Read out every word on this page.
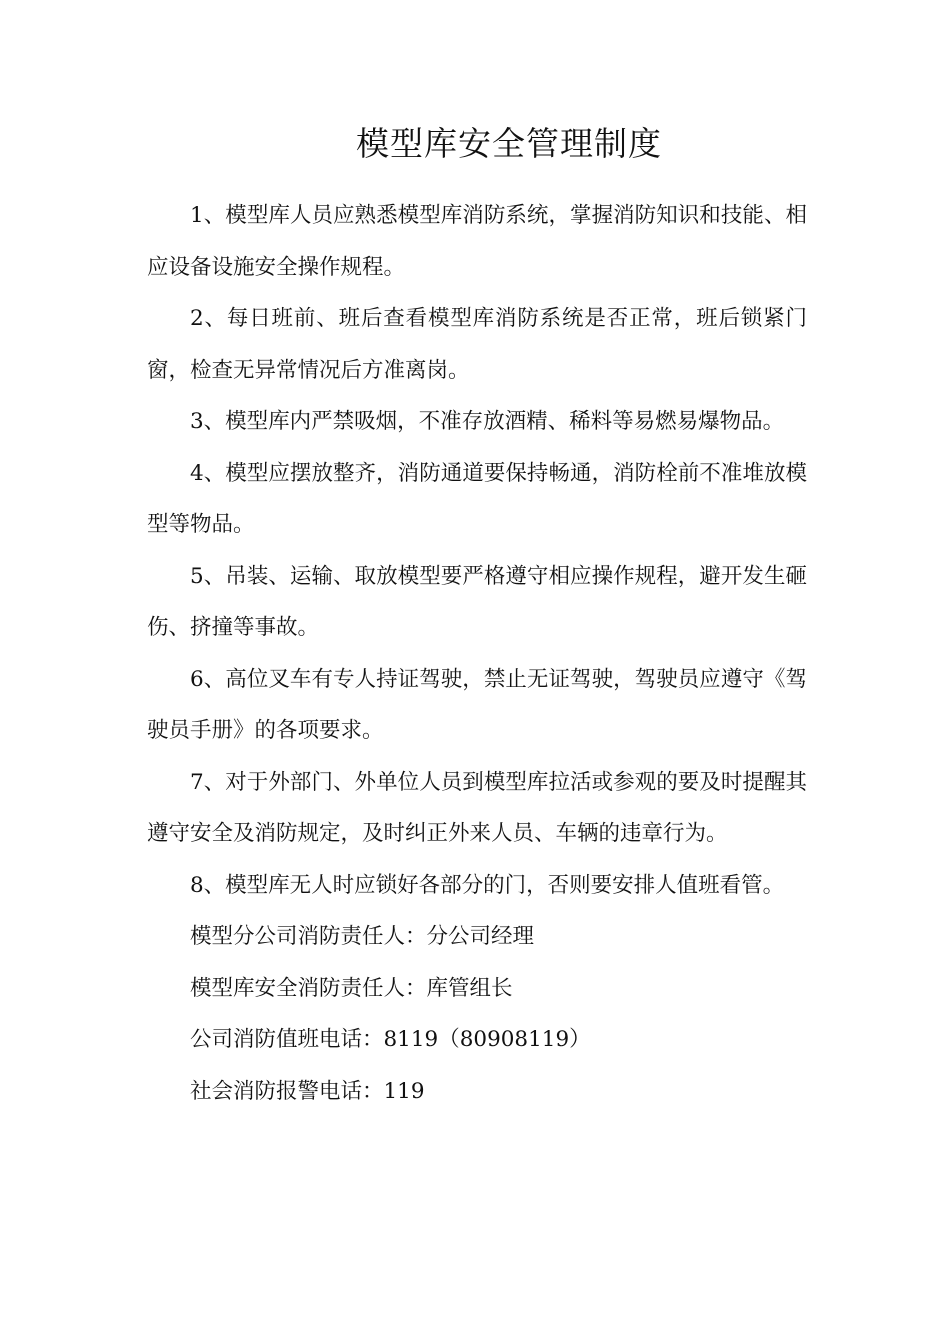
模型库安全管理制度

1、模型库人员应熟悉模型库消防系统，掌握消防知识和技能、相应设备设施安全操作规程。

2、每日班前、班后查看模型库消防系统是否正常，班后锁紧门窗，检查无异常情况后方准离岗。

3、模型库内严禁吸烟，不准存放酒精、稀料等易燃易爆物品。

4、模型应摆放整齐，消防通道要保持畅通，消防栓前不准堆放模型等物品。

5、吊装、运输、取放模型要严格遵守相应操作规程，避开发生砸伤、挤撞等事故。

6、高位叉车有专人持证驾驶，禁止无证驾驶，驾驶员应遵守《驾驶员手册》的各项要求。

7、对于外部门、外单位人员到模型库拉活或参观的要及时提醒其遵守安全及消防规定，及时纠正外来人员、车辆的违章行为。

8、模型库无人时应锁好各部分的门，否则要安排人值班看管。

模型分公司消防责任人：分公司经理

模型库安全消防责任人：库管组长

公司消防值班电话：8119（80908119）

社会消防报警电话：119
